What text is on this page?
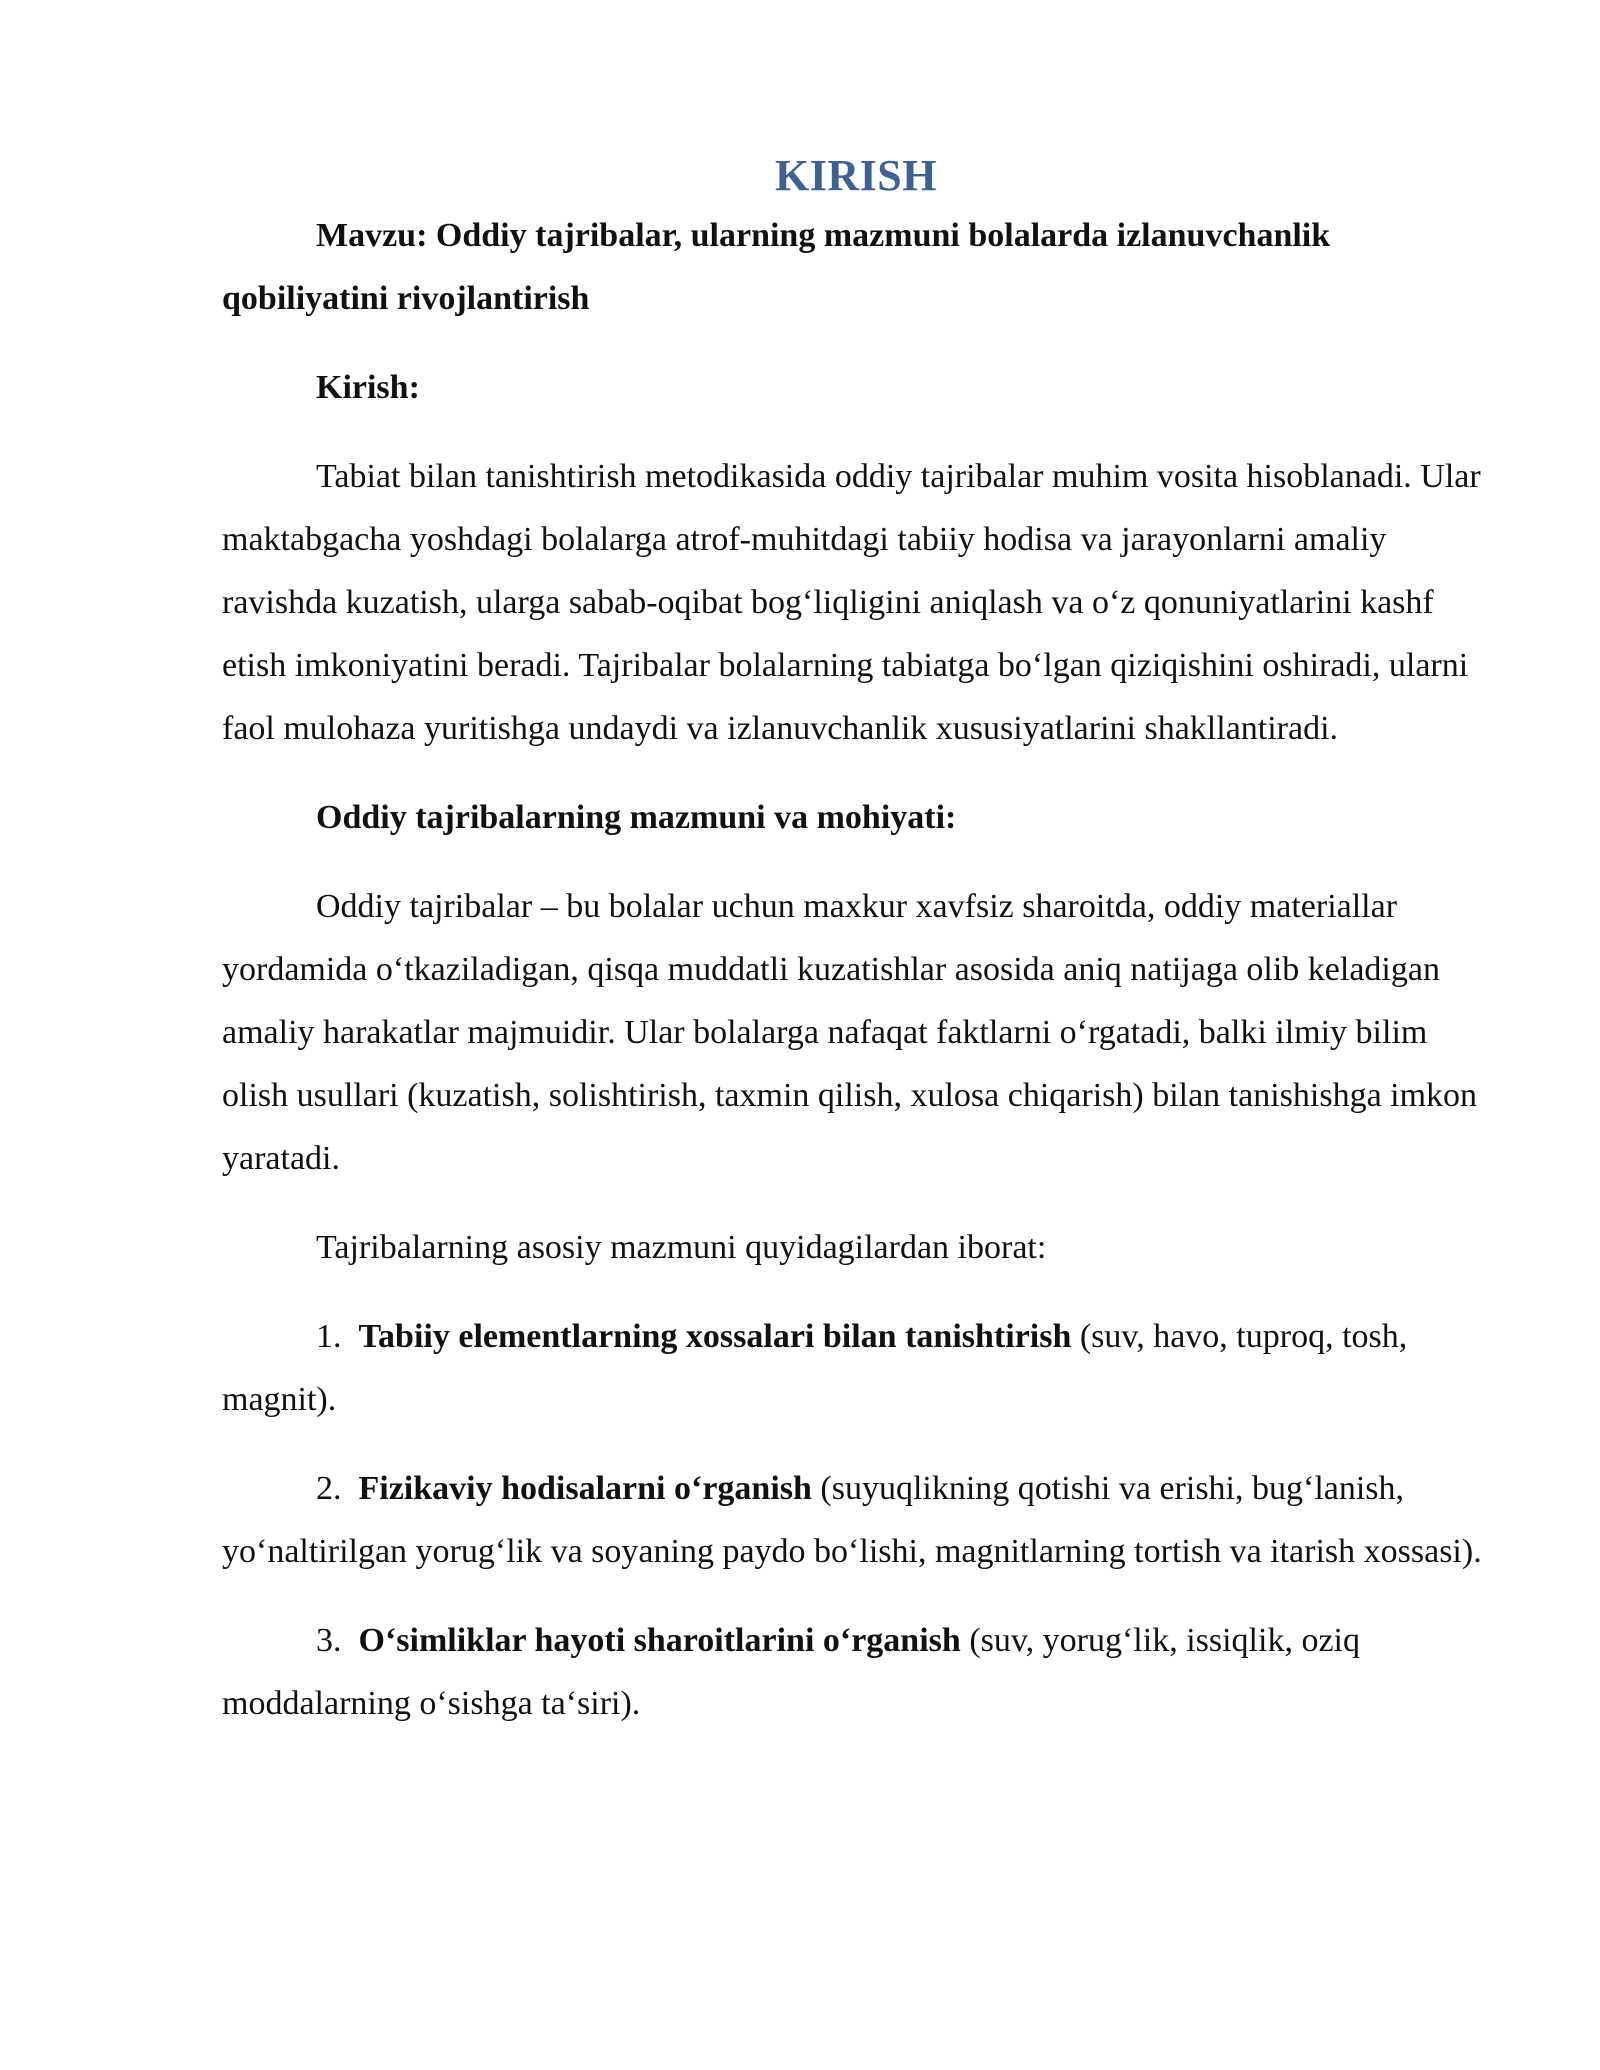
KIRISH

Mavzu: Oddiy tajribalar, ularning mazmuni bolalarda izlanuvchanlik qobiliyatini rivojlantirish

Kirish:

Tabiat bilan tanishtirish metodikasida oddiy tajribalar muhim vosita hisoblanadi. Ular maktabgacha yoshdagi bolalarga atrof-muhitdagi tabiiy hodisa va jarayonlarni amaliy ravishda kuzatish, ularga sabab-oqibat bog‘liqligini aniqlash va o‘z qonuniyatlarini kashf etish imkoniyatini beradi. Tajribalar bolalarning tabiatga bo‘lgan qiziqishini oshiradi, ularni faol mulohaza yuritishga undaydi va izlanuvchanlik xususiyatlarini shakllantiradi.

Oddiy tajribalarning mazmuni va mohiyati:

Oddiy tajribalar – bu bolalar uchun maxkur xavfsiz sharoitda, oddiy materiallar yordamida o‘tkaziladigan, qisqa muddatli kuzatishlar asosida aniq natijaga olib keladigan amaliy harakatlar majmuidir. Ular bolalarga nafaqat faktlarni o‘rgatadi, balki ilmiy bilim olish usullari (kuzatish, solishtirish, taxmin qilish, xulosa chiqarish) bilan tanishishga imkon yaratadi.

Tajribalarning asosiy mazmuni quyidagilardan iborat:

1. Tabiiy elementlarning xossalari bilan tanishtirish (suv, havo, tuproq, tosh, magnit).

2. Fizikaviy hodisalarni o‘rganish (suyuqlikning qotishi va erishi, bug‘lanish, yo‘naltirilgan yorug‘lik va soyaning paydo bo‘lishi, magnitlarning tortish va itarish xossasi).

3. O‘simliklar hayoti sharoitlarini o‘rganish (suv, yorug‘lik, issiqlik, oziq moddalarning o‘sishga ta‘siri).
